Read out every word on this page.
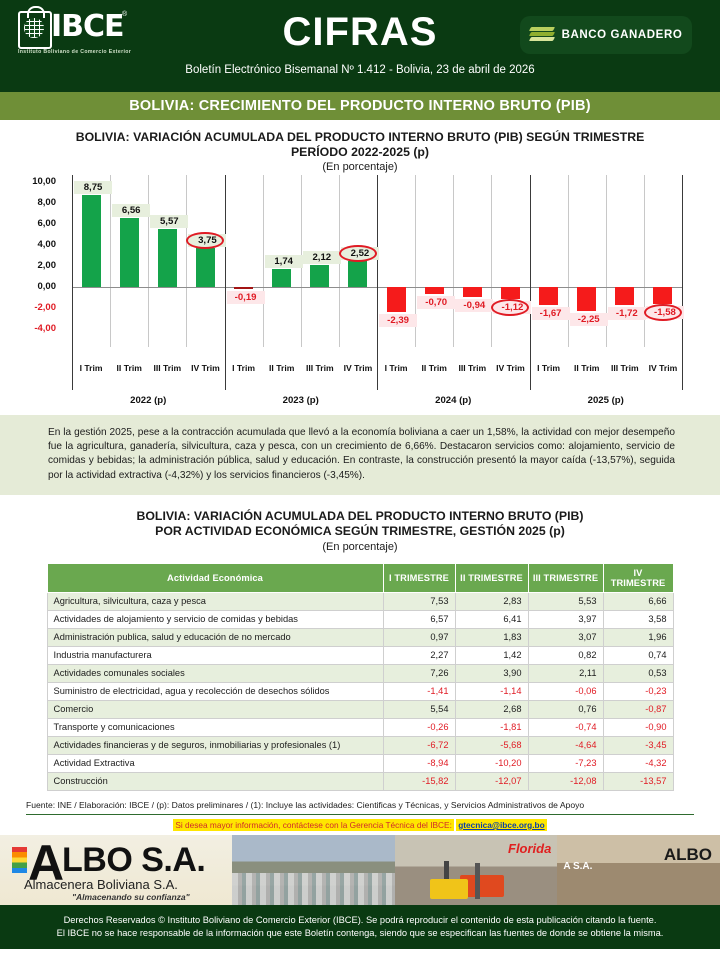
IBCE
®
Instituto Boliviano de Comercio Exterior	CIFRAS
Boletín Electrónico Bisemanal Nº 1.412 - Bolivia, 23 de abril de 2026
BANCO GANADERO
BOLIVIA: CRECIMIENTO DEL PRODUCTO INTERNO BRUTO (PIB)
BOLIVIA: VARIACIÓN ACUMULADA DEL PRODUCTO INTERNO BRUTO (PIB) SEGÚN TRIMESTRE
PERÍODO 2022-2025 (p)
(En porcentaje)
10,00
8,00
6,00
4,00
2,00
0,00
-2,00
-4,00
8,75
I Trim
6,56
II Trim
5,57
III Trim
3,75
IV Trim
-0,19
I Trim
1,74
II Trim
2,12
III Trim
2,52
IV Trim
-2,39
I Trim
-0,70
II Trim
-0,94
III Trim
-1,12
IV Trim
-1,67
I Trim
-2,25
II Trim
-1,72
III Trim
-1,58
IV Trim
2022 (p)	2023 (p)	2024 (p)	2025 (p)

En la gestión 2025, pese a la contracción acumulada que llevó a la economía boliviana a caer un 1,58%, la actividad con mejor desempeño fue la agricultura, ganadería, silvicultura, caza y pesca, con un crecimiento de 6,66%. Destacaron servicios como: alojamiento, servicio de comidas y bebidas; la administración pública, salud y educación. En contraste, la construcción presentó la mayor caída (-13,57%), seguida por la actividad extractiva (-4,32%) y los servicios financieros (-3,45%).

BOLIVIA: VARIACIÓN ACUMULADA DEL PRODUCTO INTERNO BRUTO (PIB)
POR ACTIVIDAD ECONÓMICA SEGÚN TRIMESTRE, GESTIÓN 2025 (p)
(En porcentaje)
Actividad Económica	I TRIMESTRE	II TRIMESTRE	III TRIMESTRE	IV TRIMESTRE
Agricultura, silvicultura, caza y pesca	7,53	2,83	5,53	6,66
Actividades de alojamiento y servicio de comidas y bebidas	6,57	6,41	3,97	3,58
Administración publica, salud y educación de no mercado	0,97	1,83	3,07	1,96
Industria manufacturera	2,27	1,42	0,82	0,74
Actividades comunales sociales	7,26	3,90	2,11	0,53
Suministro de electricidad, agua y recolección de desechos sólidos	-1,41	-1,14	-0,06	-0,23
Comercio	5,54	2,68	0,76	-0,87
Transporte y comunicaciones	-0,26	-1,81	-0,74	-0,90
Actividades financieras y de seguros, inmobiliarias y profesionales (1)	-6,72	-5,68	-4,64	-3,45
Actividad Extractiva	-8,94	-10,20	-7,23	-4,32
Construcción	-15,82	-12,07	-12,08	-13,57
Fuente: INE / Elaboración: IBCE / (p): Datos preliminares / (1): Incluye las actividades: Cientificas y Técnicas, y Servicios Administrativos de Apoyo
Si desea mayor información, contáctese con la Gerencia Técnica del IBCE: gtecnica@ibce.org.bo
A
LBO S.A.
Almacenera Boliviana S.A.
"Almacenando su confianza"
Florida
A S.A.
ALBO
Derechos Reservados © Instituto Boliviano de Comercio Exterior (IBCE). Se podrá reproducir el contenido de esta publicación citando la fuente.
El IBCE no se hace responsable de la información que este Boletín contenga, siendo que se especifican las fuentes de donde se obtiene la misma.
